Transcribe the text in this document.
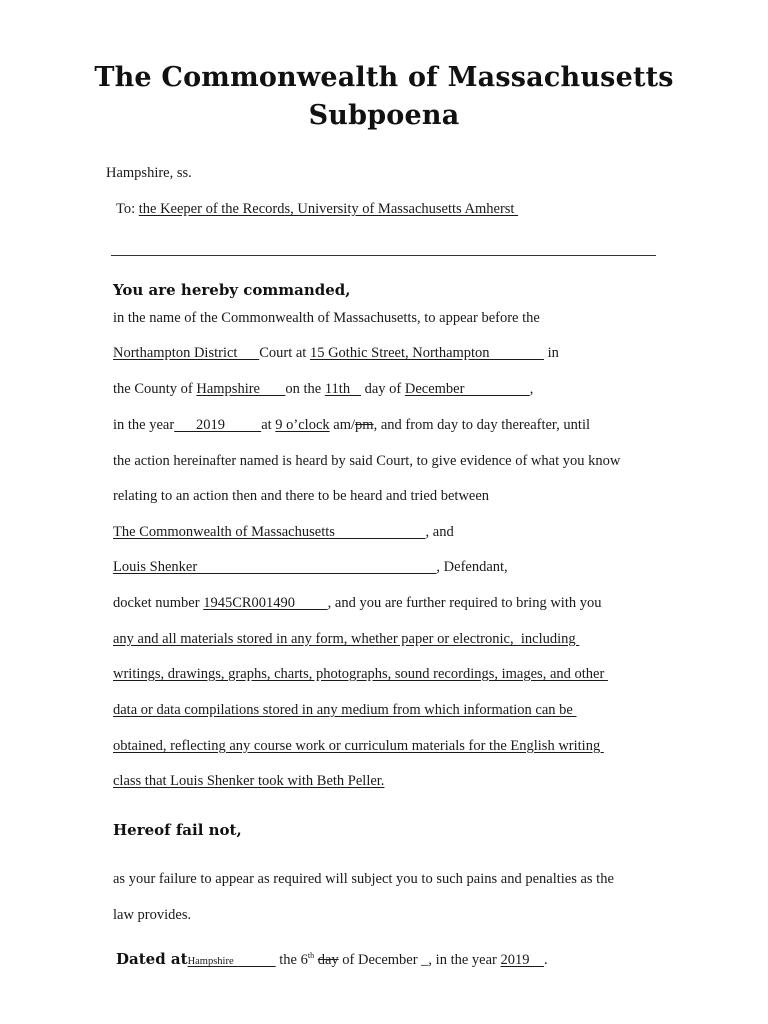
The Commonwealth of Massachusetts
Subpoena
Hampshire, ss.
To: the Keeper of the Records, University of Massachusetts Amherst
You are hereby commanded,
in the name of the Commonwealth of Massachusetts, to appear before the
Northampton District      Court at 15 Gothic Street, Northampton                in
the County of Hampshire       on the 11th    day of December                  ,
in the year      2019          at 9 o’clock am/pm, and from day to day thereafter, until
the action hereinafter named is heard by said Court, to give evidence of what you know
relating to an action then and there to be heard and tried between
The Commonwealth of Massachusetts                         , and
Louis Shenker                                                                  , Defendant,
docket number 1945CR001490         , and you are further required to bring with you
any and all materials stored in any form, whether paper or electronic,  including
writings, drawings, graphs, charts, photographs, sound recordings, images, and other
data or data compilations stored in any medium from which information can be
obtained, reflecting any course work or curriculum materials for the English writing
class that Louis Shenker took with Beth Peller.
Hereof fail not,
as your failure to appear as required will subject you to such pains and penalties as the
law provides.
Dated atHampshire                 the 6th day of December _, in the year 2019    .
